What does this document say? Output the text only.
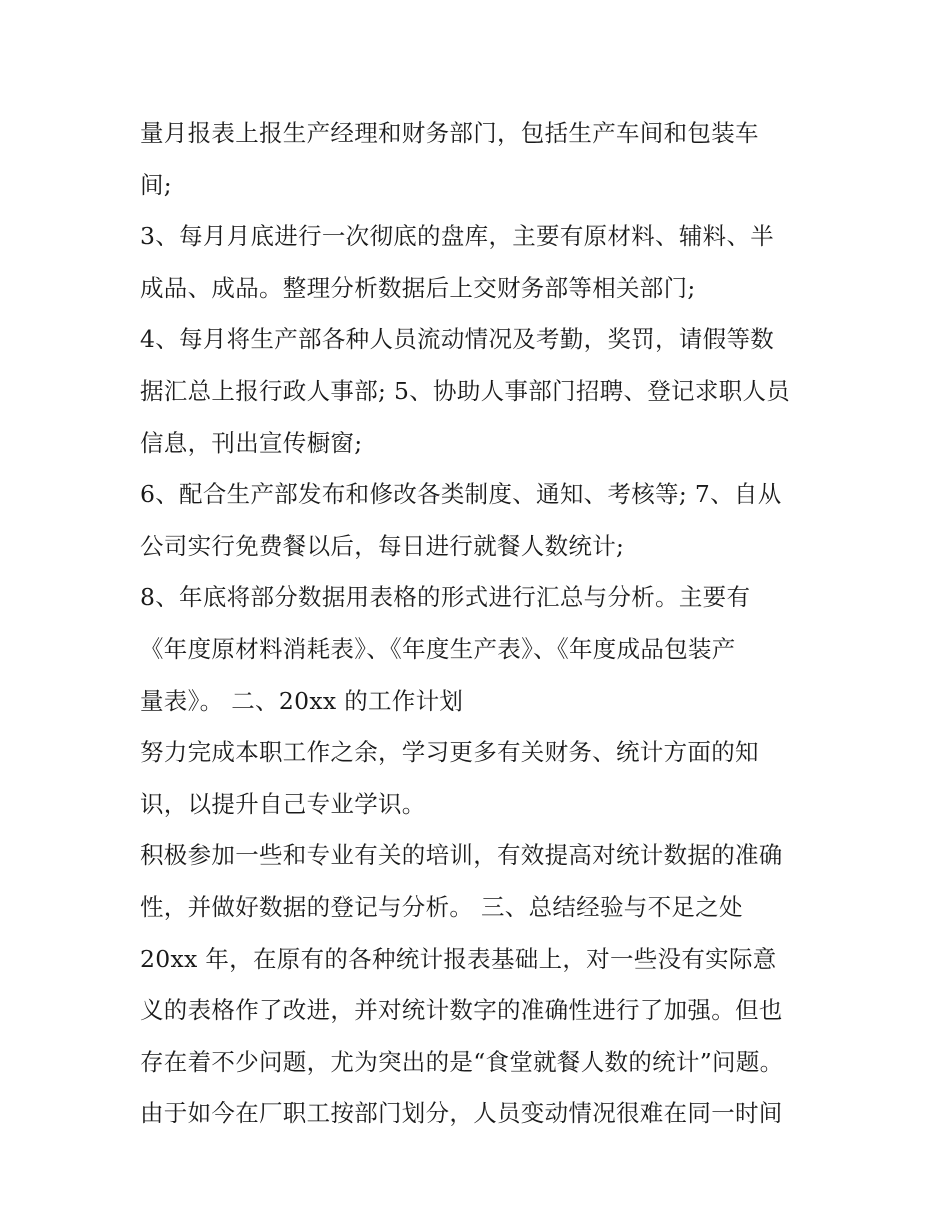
量月报表上报生产经理和财务部门，包括生产车间和包装车
间;
3、每月月底进行一次彻底的盘库，主要有原材料、辅料、半
成品、成品。整理分析数据后上交财务部等相关部门;
4、每月将生产部各种人员流动情况及考勤，奖罚，请假等数
据汇总上报行政人事部; 5、协助人事部门招聘、登记求职人员
信息，刊出宣传橱窗;
6、配合生产部发布和修改各类制度、通知、考核等; 7、自从
公司实行免费餐以后，每日进行就餐人数统计;
8、年底将部分数据用表格的形式进行汇总与分析。主要有
《年度原材料消耗表》、《年度生产表》、《年度成品包装产
量表》。 二、20xx 的工作计划
努力完成本职工作之余，学习更多有关财务、统计方面的知
识，以提升自己专业学识。
积极参加一些和专业有关的培训，有效提高对统计数据的准确
性，并做好数据的登记与分析。 三、总结经验与不足之处
20xx 年，在原有的各种统计报表基础上，对一些没有实际意
义的表格作了改进，并对统计数字的准确性进行了加强。但也
存在着不少问题，尤为突出的是“食堂就餐人数的统计”问题。
由于如今在厂职工按部门划分，人员变动情况很难在同一时间
